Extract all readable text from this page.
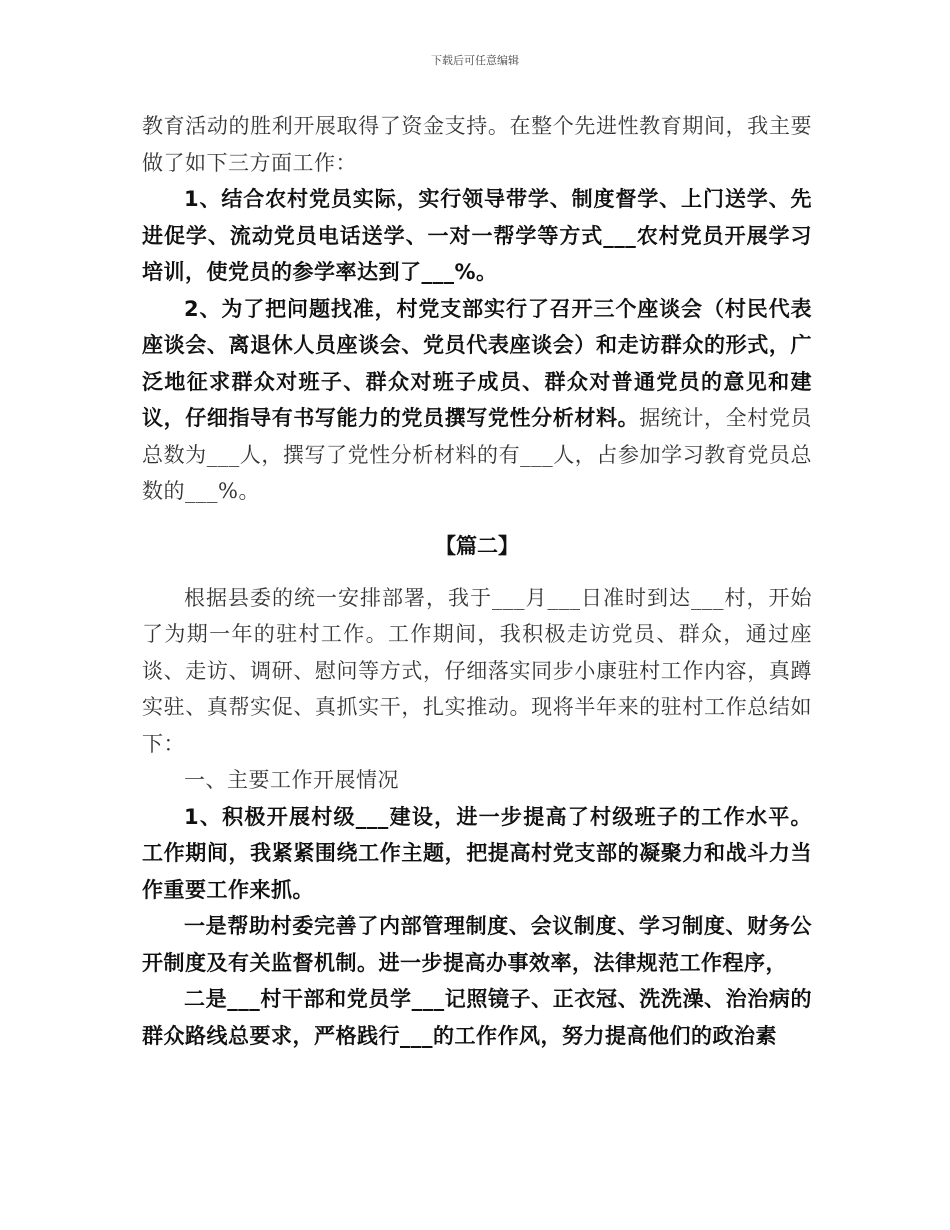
下载后可任意编辑

教育活动的胜利开展取得了资金支持。在整个先进性教育期间，我主要做了如下三方面工作：

1、结合农村党员实际，实行领导带学、制度督学、上门送学、先进促学、流动党员电话送学、一对一帮学等方式___农村党员开展学习培训，使党员的参学率达到了___%。

2、为了把问题找准，村党支部实行了召开三个座谈会（村民代表座谈会、离退休人员座谈会、党员代表座谈会）和走访群众的形式，广泛地征求群众对班子、群众对班子成员、群众对普通党员的意见和建议，仔细指导有书写能力的党员撰写党性分析材料。据统计，全村党员总数为___人，撰写了党性分析材料的有___人，占参加学习教育党员总数的___%。

【篇二】

根据县委的统一安排部署，我于___月___日准时到达___村，开始了为期一年的驻村工作。工作期间，我积极走访党员、群众，通过座谈、走访、调研、慰问等方式，仔细落实同步小康驻村工作内容，真蹲实驻、真帮实促、真抓实干，扎实推动。现将半年来的驻村工作总结如下：

一、主要工作开展情况

1、积极开展村级___建设，进一步提高了村级班子的工作水平。工作期间，我紧紧围绕工作主题，把提高村党支部的凝聚力和战斗力当作重要工作来抓。

一是帮助村委完善了内部管理制度、会议制度、学习制度、财务公开制度及有关监督机制。进一步提高办事效率，法律规范工作程序，

二是___村干部和党员学___记照镜子、正衣冠、洗洗澡、治治病的群众路线总要求，严格践行___的工作作风，努力提高他们的政治素
